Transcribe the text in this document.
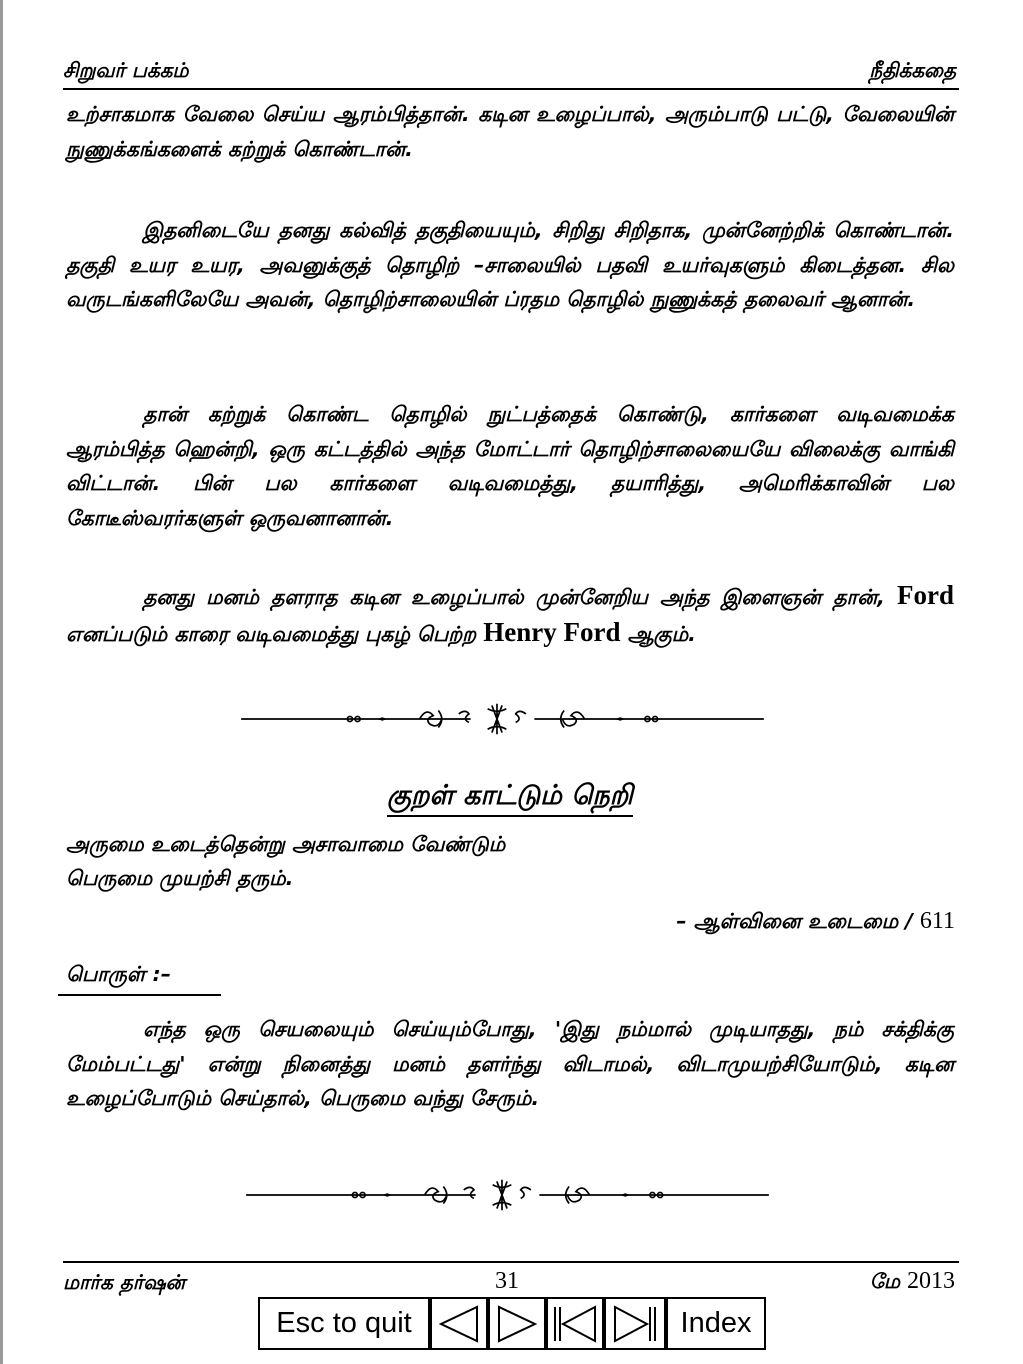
சிறுவர் பக்கம்	நீதிக்கதை
உற்சாகமாக வேலை செய்ய ஆரம்பித்தான். கடின உழைப்பால், அரும்பாடு பட்டு, வேலையின் நுணுக்கங்களைக் கற்றுக் கொண்டான்.
இதனிடையே தனது கல்வித் தகுதியையும், சிறிது சிறிதாக, முன்னேற்றிக் கொண்டான். தகுதி உயர உயர, அவனுக்குத் தொழிற் –சாலையில் பதவி உயர்வுகளும் கிடைத்தன. சில வருடங்களிலேயே அவன், தொழிற்சாலையின் ப்ரதம தொழில் நுணுக்கத் தலைவர் ஆனான்.
தான் கற்றுக் கொண்ட தொழில் நுட்பத்தைக் கொண்டு, கார்களை வடிவமைக்க ஆரம்பித்த ஹென்றி, ஒரு கட்டத்தில் அந்த மோட்டார் தொழிற்சாலையையே விலைக்கு வாங்கி விட்டான். பின் பல கார்களை வடிவமைத்து, தயாரித்து, அமெரிக்காவின் பல கோடீஸ்வரர்களுள் ஒருவனானான்.
தனது மனம் தளராத கடின உழைப்பால் முன்னேறிய அந்த இளைஞன் தான், Ford எனப்படும் காரை வடிவமைத்து புகழ் பெற்ற Henry Ford ஆகும்.
குறள் காட்டும் நெறி
அருமை உடைத்தென்று அசாவாமை வேண்டும்
பெருமை முயற்சி தரும்.
– ஆள்வினை உடைமை / 611
பொருள் :–
எந்த ஒரு செயலையும் செய்யும்போது, 'இது நம்மால் முடியாதது, நம் சக்திக்கு மேம்பட்டது' என்று நினைத்து மனம் தளர்ந்து விடாமல், விடாமுயற்சியோடும், கடின உழைப்போடும் செய்தால், பெருமை வந்து சேரும்.
மார்க தர்ஷன்	31	மே 2013
Esc to quit	Index
